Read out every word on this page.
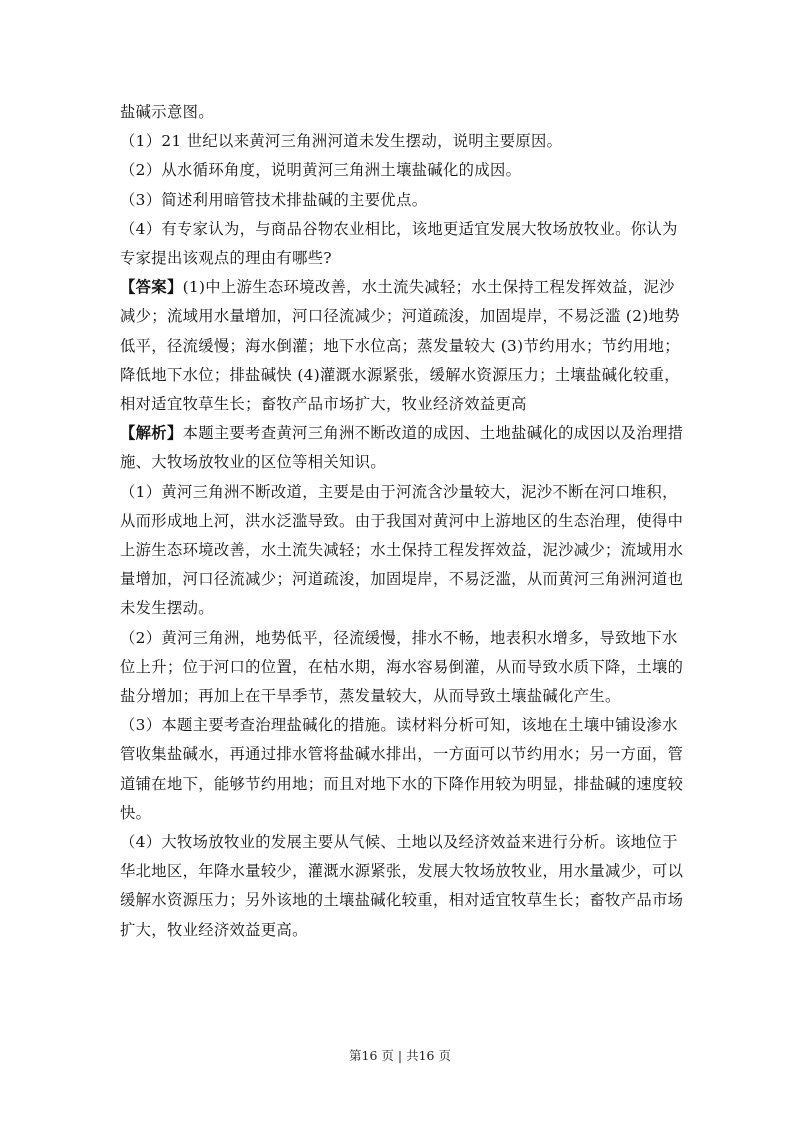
盐碱示意图。

（1）21 世纪以来黄河三角洲河道未发生摆动，说明主要原因。

（2）从水循环角度，说明黄河三角洲土壤盐碱化的成因。

（3）简述利用暗管技术排盐碱的主要优点。

（4）有专家认为，与商品谷物农业相比，该地更适宜发展大牧场放牧业。你认为专家提出该观点的理由有哪些?

【答案】(1)中上游生态环境改善，水土流失减轻；水土保持工程发挥效益，泥沙减少；流域用水量增加，河口径流减少；河道疏浚，加固堤岸，不易泛滥 (2)地势低平，径流缓慢；海水倒灌；地下水位高；蒸发量较大 (3)节约用水；节约用地；降低地下水位；排盐碱快 (4)灌溉水源紧张，缓解水资源压力；土壤盐碱化较重，相对适宜牧草生长；畜牧产品市场扩大，牧业经济效益更高

【解析】本题主要考查黄河三角洲不断改道的成因、土地盐碱化的成因以及治理措施、大牧场放牧业的区位等相关知识。

（1）黄河三角洲不断改道，主要是由于河流含沙量较大，泥沙不断在河口堆积，从而形成地上河，洪水泛滥导致。由于我国对黄河中上游地区的生态治理，使得中上游生态环境改善，水土流失减轻；水土保持工程发挥效益，泥沙减少；流域用水量增加，河口径流减少；河道疏浚，加固堤岸，不易泛滥，从而黄河三角洲河道也未发生摆动。

（2）黄河三角洲，地势低平，径流缓慢，排水不畅，地表积水增多，导致地下水位上升；位于河口的位置，在枯水期，海水容易倒灌，从而导致水质下降，土壤的盐分增加；再加上在干旱季节，蒸发量较大，从而导致土壤盐碱化产生。

（3）本题主要考查治理盐碱化的措施。读材料分析可知，该地在土壤中铺设渗水管收集盐碱水，再通过排水管将盐碱水排出，一方面可以节约用水；另一方面，管道铺在地下，能够节约用地；而且对地下水的下降作用较为明显，排盐碱的速度较快。

（4）大牧场放牧业的发展主要从气候、土地以及经济效益来进行分析。该地位于华北地区，年降水量较少，灌溉水源紧张，发展大牧场放牧业，用水量减少，可以缓解水资源压力；另外该地的土壤盐碱化较重，相对适宜牧草生长；畜牧产品市场扩大，牧业经济效益更高。

第16 页 | 共16 页
